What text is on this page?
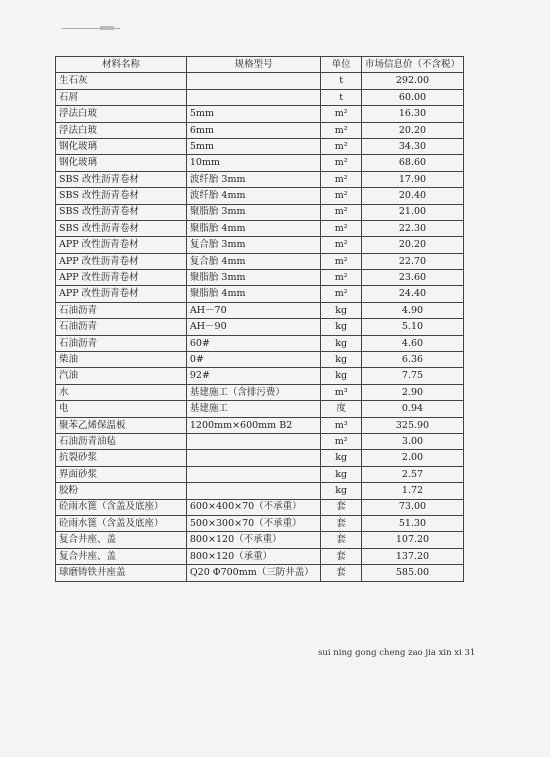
材料名称	规格型号	单位	市场信息价（不含税）
生石灰		t	292.00
石屑		t	60.00
浮法白玻	5mm	m²	16.30
浮法白玻	6mm	m²	20.20
钢化玻璃	5mm	m²	34.30
钢化玻璃	10mm	m²	68.60
SBS 改性沥青卷材	波纤胎 3mm	m²	17.90
SBS 改性沥青卷材	波纤胎 4mm	m²	20.40
SBS 改性沥青卷材	聚脂胎 3mm	m²	21.00
SBS 改性沥青卷材	聚脂胎 4mm	m²	22.30
APP 改性沥青卷材	复合胎 3mm	m²	20.20
APP 改性沥青卷材	复合胎 4mm	m²	22.70
APP 改性沥青卷材	聚脂胎 3mm	m²	23.60
APP 改性沥青卷材	聚脂胎 4mm	m²	24.40
石油沥青	AH－70	kg	4.90
石油沥青	AH－90	kg	5.10
石油沥青	60#	kg	4.60
柴油	0#	kg	6.36
汽油	92#	kg	7.75
水	基建施工（含排污费）	m³	2.90
电	基建施工	度	0.94
聚苯乙烯保温板	1200mm×600mm B2	m³	325.90
石油沥青油毡		m²	3.00
抗裂砂浆		kg	2.00
界面砂浆		kg	2.57
胶粉		kg	1.72
砼雨水篦（含盖及底座）	600×400×70（不承重）	套	73.00
砼雨水篦（含盖及底座）	500×300×70（不承重）	套	51.30
复合井座、盖	800×120（不承重）	套	107.20
复合井座、盖	800×120（承重）	套	137.20
球磨铸铁井座盖	Q20 Φ700mm（三防井盖）	套	585.00
sui ning gong cheng zao jia xin xi 31
